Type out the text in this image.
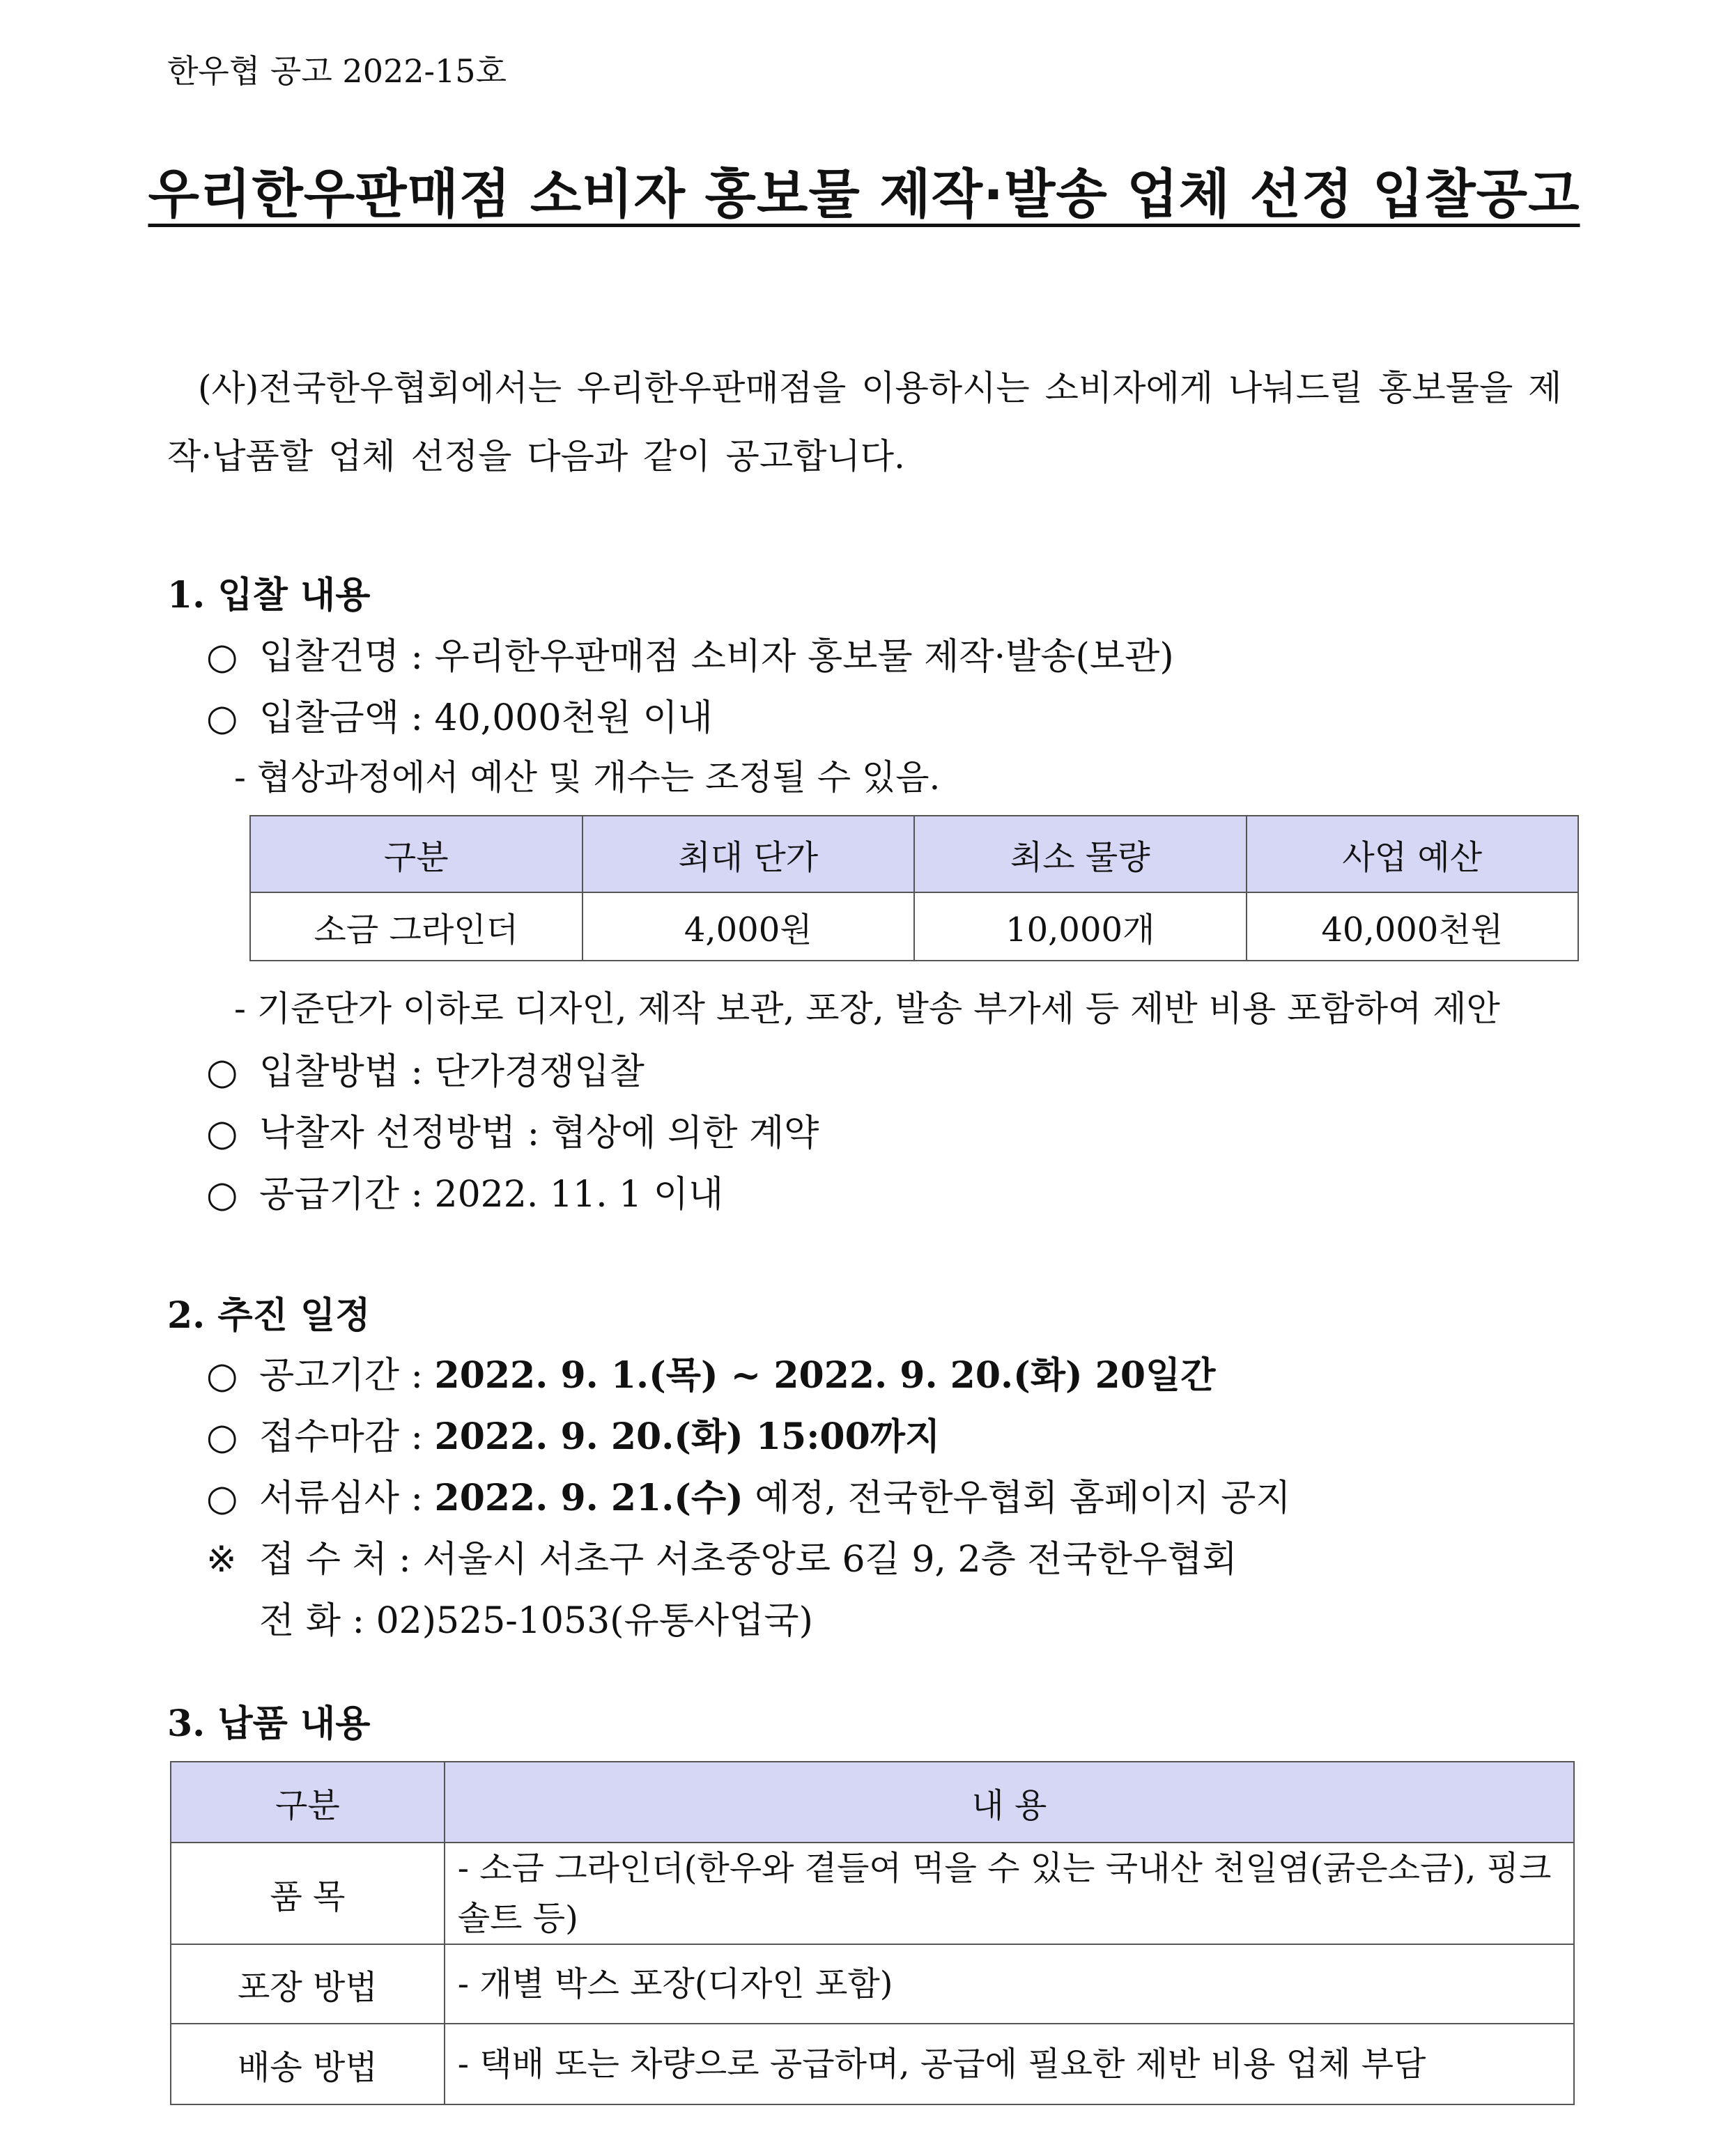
한우협 공고 2022-15호
우리한우판매점 소비자 홍보물 제작·발송 업체 선정 입찰공고
(사)전국한우협회에서는 우리한우판매점을 이용하시는 소비자에게 나눠드릴 홍보물을 제작·납품할 업체 선정을 다음과 같이 공고합니다.
1. 입찰 내용
○ 입찰건명 : 우리한우판매점 소비자 홍보물 제작·발송(보관)
○ 입찰금액 : 40,000천원 이내
- 협상과정에서 예산 및 개수는 조정될 수 있음.
구분	최대 단가	최소 물량	사업 예산
소금 그라인더	4,000원	10,000개	40,000천원
- 기준단가 이하로 디자인, 제작 보관, 포장, 발송 부가세 등 제반 비용 포함하여 제안
○ 입찰방법 : 단가경쟁입찰
○ 낙찰자 선정방법 : 협상에 의한 계약
○ 공급기간 : 2022. 11. 1 이내
2. 추진 일정
○ 공고기간 : 2022. 9. 1.(목) ~ 2022. 9. 20.(화) 20일간
○ 접수마감 : 2022. 9. 20.(화) 15:00까지
○ 서류심사 : 2022. 9. 21.(수) 예정, 전국한우협회 홈페이지 공지
※ 접 수 처 : 서울시 서초구 서초중앙로 6길 9, 2층 전국한우협회
전 화 : 02)525-1053(유통사업국)
3. 납품 내용
구분	내 용
품 목	- 소금 그라인더(한우와 곁들여 먹을 수 있는 국내산 천일염(굵은소금), 핑크솔트 등)
포장 방법	- 개별 박스 포장(디자인 포함)
배송 방법	- 택배 또는 차량으로 공급하며, 공급에 필요한 제반 비용 업체 부담
